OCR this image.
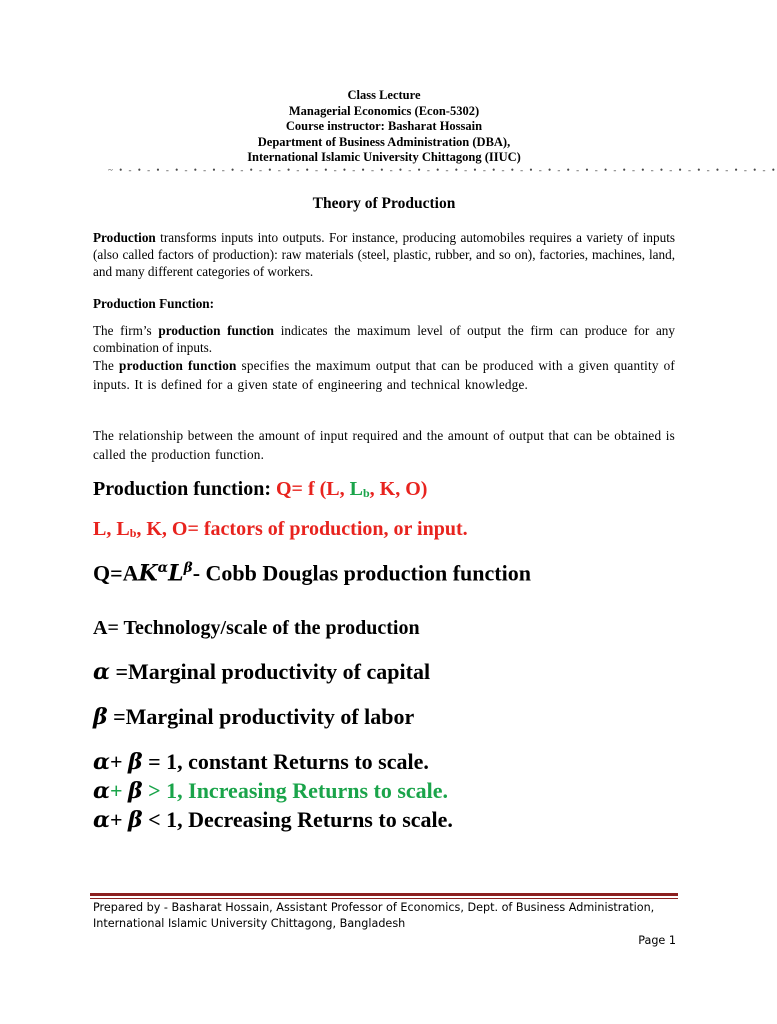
Class Lecture
Managerial Economics (Econ-5302)
Course instructor: Basharat Hossain
Department of Business Administration (DBA),
International Islamic University Chittagong (IIUC)
~ • - • - • - • - • - • - • - • - • - • - • - • - • - • - • - • - • - • - • - • - • - • - • - • - • - • - • - • - • - • - • - • - • - • - • - •
Theory of Production
Production transforms inputs into outputs. For instance, producing automobiles requires a variety of inputs (also called factors of production): raw materials (steel, plastic, rubber, and so on), factories, machines, land, and many different categories of workers.
Production Function:
The firm’s production function indicates the maximum level of output the firm can produce for any combination of inputs.
The production function specifies the maximum output that can be produced with a given quantity of inputs. It is defined for a given state of engineering and technical knowledge.
The relationship between the amount of input required and the amount of output that can be obtained is called the production function.
Production function: Q= f (L, Lb, K, O)
L, Lb, K, O= factors of production, or input.
$Q=AK^\alpha L^\beta-$ Cobb Douglas production function
A= Technology/scale of the production
α =Marginal productivity of capital
β =Marginal productivity of labor
α+ β = 1, constant Returns to scale.
α+ β > 1, Increasing Returns to scale.
α+ β < 1, Decreasing Returns to scale.
Prepared by - Basharat Hossain, Assistant Professor of Economics, Dept. of Business Administration,
International Islamic University Chittagong, Bangladesh
Page 1
